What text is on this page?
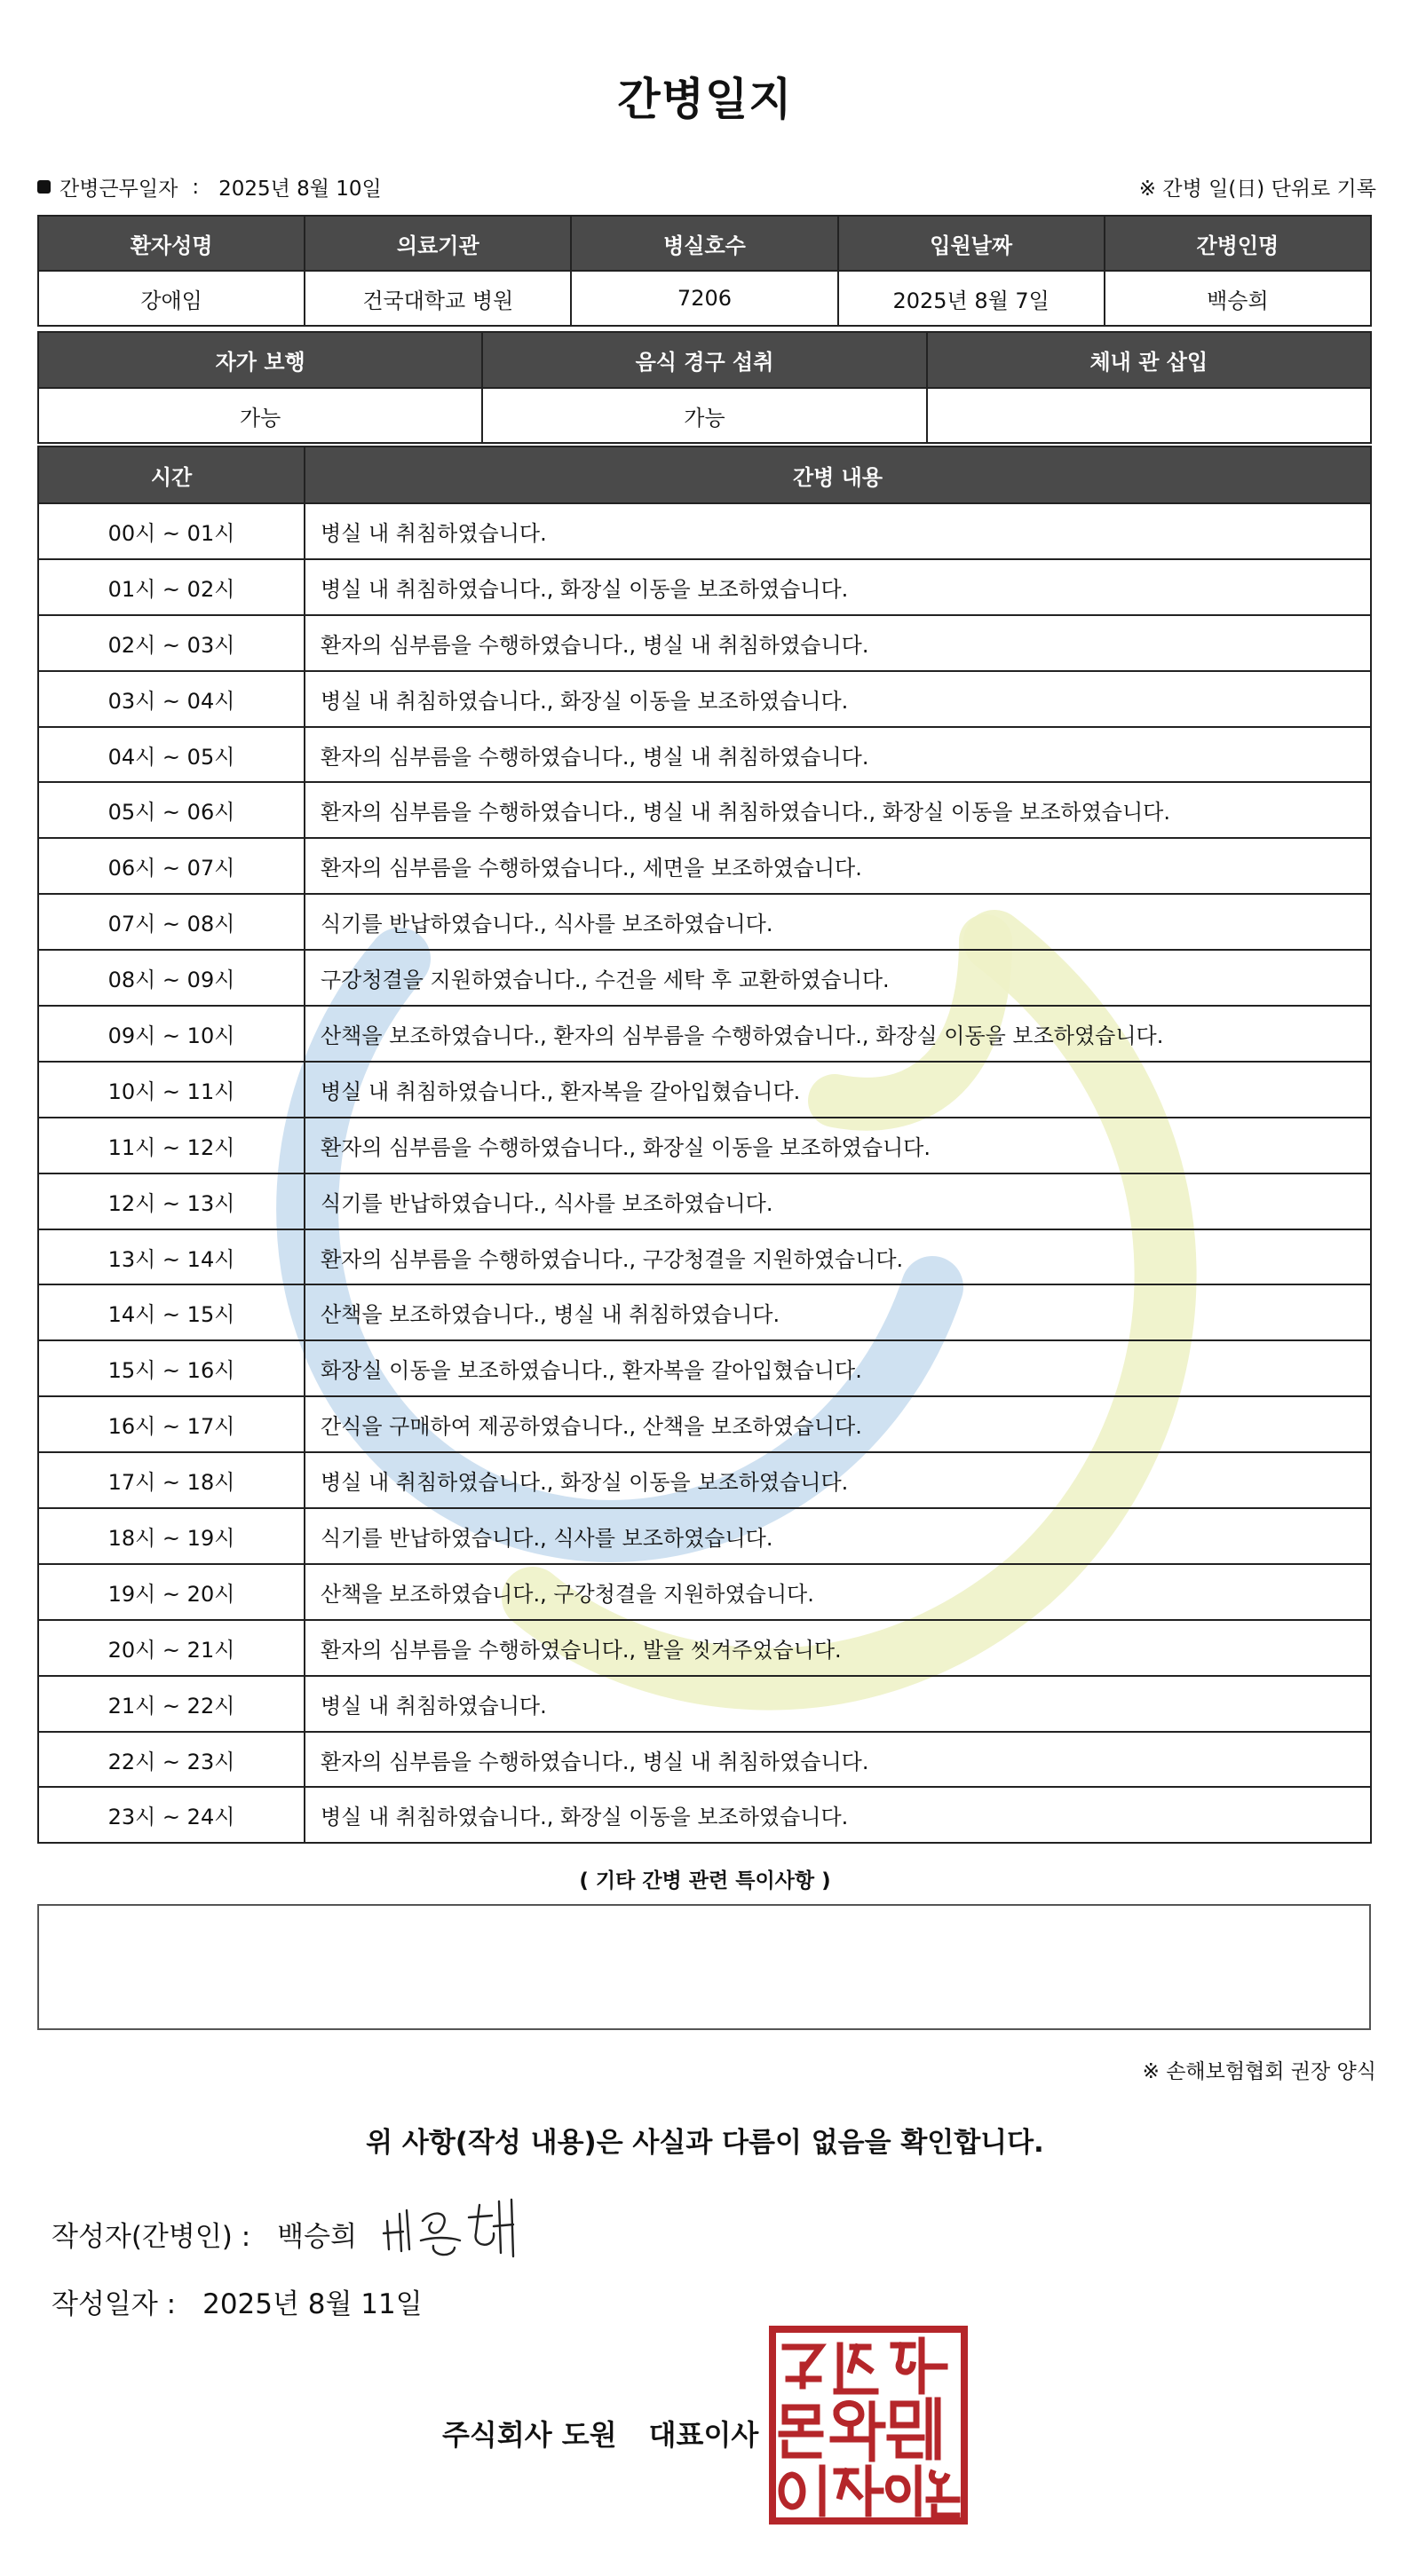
간병일지
간병근무일자 : 2025년 8월 10일	※ 간병 일(日) 단위로 기록
환자성명	의료기관	병실호수	입원날짜	간병인명
강애임	건국대학교 병원	7206	2025년 8월 7일	백승희
자가 보행	음식 경구 섭취	체내 관 삽입
가능	가능	
시간	간병 내용
00시 ~ 01시	병실 내 취침하였습니다.
01시 ~ 02시	병실 내 취침하였습니다., 화장실 이동을 보조하였습니다.
02시 ~ 03시	환자의 심부름을 수행하였습니다., 병실 내 취침하였습니다.
03시 ~ 04시	병실 내 취침하였습니다., 화장실 이동을 보조하였습니다.
04시 ~ 05시	환자의 심부름을 수행하였습니다., 병실 내 취침하였습니다.
05시 ~ 06시	환자의 심부름을 수행하였습니다., 병실 내 취침하였습니다., 화장실 이동을 보조하였습니다.
06시 ~ 07시	환자의 심부름을 수행하였습니다., 세면을 보조하였습니다.
07시 ~ 08시	식기를 반납하였습니다., 식사를 보조하였습니다.
08시 ~ 09시	구강청결을 지원하였습니다., 수건을 세탁 후 교환하였습니다.
09시 ~ 10시	산책을 보조하였습니다., 환자의 심부름을 수행하였습니다., 화장실 이동을 보조하였습니다.
10시 ~ 11시	병실 내 취침하였습니다., 환자복을 갈아입혔습니다.
11시 ~ 12시	환자의 심부름을 수행하였습니다., 화장실 이동을 보조하였습니다.
12시 ~ 13시	식기를 반납하였습니다., 식사를 보조하였습니다.
13시 ~ 14시	환자의 심부름을 수행하였습니다., 구강청결을 지원하였습니다.
14시 ~ 15시	산책을 보조하였습니다., 병실 내 취침하였습니다.
15시 ~ 16시	화장실 이동을 보조하였습니다., 환자복을 갈아입혔습니다.
16시 ~ 17시	간식을 구매하여 제공하였습니다., 산책을 보조하였습니다.
17시 ~ 18시	병실 내 취침하였습니다., 화장실 이동을 보조하였습니다.
18시 ~ 19시	식기를 반납하였습니다., 식사를 보조하였습니다.
19시 ~ 20시	산책을 보조하였습니다., 구강청결을 지원하였습니다.
20시 ~ 21시	환자의 심부름을 수행하였습니다., 발을 씻겨주었습니다.
21시 ~ 22시	병실 내 취침하였습니다.
22시 ~ 23시	환자의 심부름을 수행하였습니다., 병실 내 취침하였습니다.
23시 ~ 24시	병실 내 취침하였습니다., 화장실 이동을 보조하였습니다.
( 기타 간병 관련 특이사항 )
※ 손해보험협회 권장 양식
위 사항(작성 내용)은 사실과 다름이 없음을 확인합니다.
작성자(간병인) : 백승희
작성일자 : 2025년 8월 11일
주식회사 도원 대표이사
